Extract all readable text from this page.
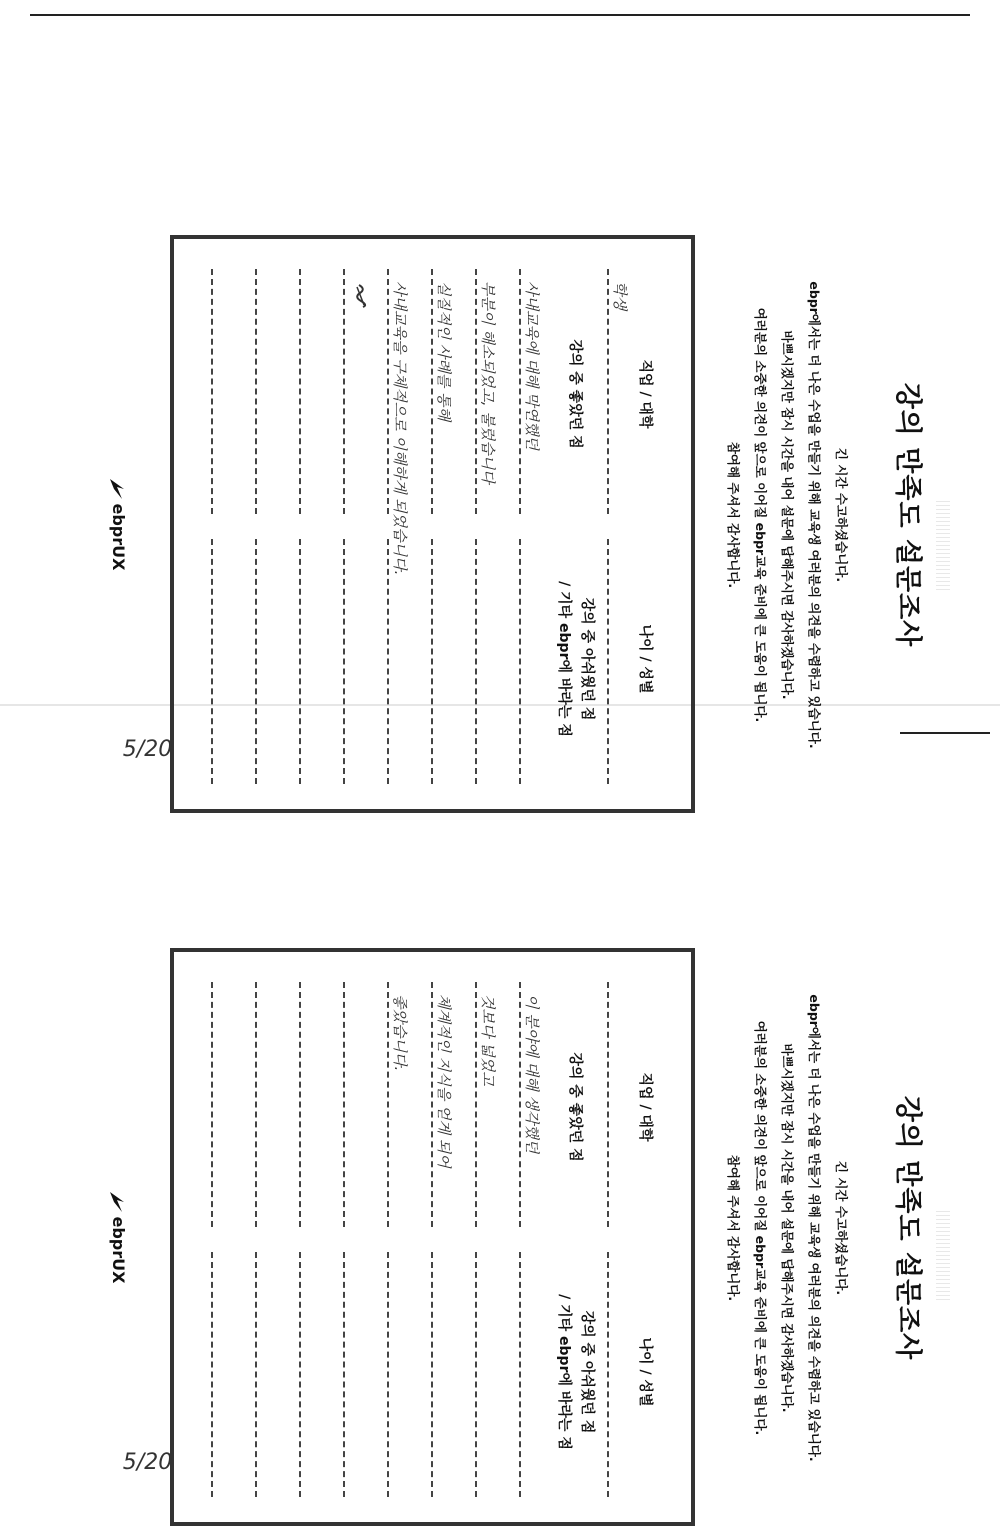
강의 만족도 설문조사
긴 시간 수고하셨습니다.
ebpr에서는 더 나은 수업을 만들기 위해 교육생 여러분의 의견을 수렴하고 있습니다.
바쁘시겠지만 잠시 시간을 내어 설문에 답해주시면 감사하겠습니다.
여러분의 소중한 의견이 앞으로 이어질 ebpr교육 준비에 큰 도움이 됩니다.
참여해 주셔서 감사합니다.
직업 / 대학
나이 / 성별
학생
강의 중 좋았던 점
강의 중 아쉬웠던 점
/ 기타 ebpr에 바라는 점
사내교육에 대해 막연했던
부분이 해소되었고, 불렀습니다
실질적인 사례를 통해
사내교육을 구체적으로 이해하게 되었습니다.
5/20
ebprUX
강의 만족도 설문조사
긴 시간 수고하셨습니다.
ebpr에서는 더 나은 수업을 만들기 위해 교육생 여러분의 의견을 수렴하고 있습니다.
바쁘시겠지만 잠시 시간을 내어 설문에 답해주시면 감사하겠습니다.
여러분의 소중한 의견이 앞으로 이어질 ebpr교육 준비에 큰 도움이 됩니다.
참여해 주셔서 감사합니다.
직업 / 대학
나이 / 성별
강의 중 좋았던 점
강의 중 아쉬웠던 점
/ 기타 ebpr에 바라는 점
이 분야에 대해 생각했던
것보다 넓었고
체계적인 지식을 얻게 되어
좋았습니다.
5/20
ebprUX
